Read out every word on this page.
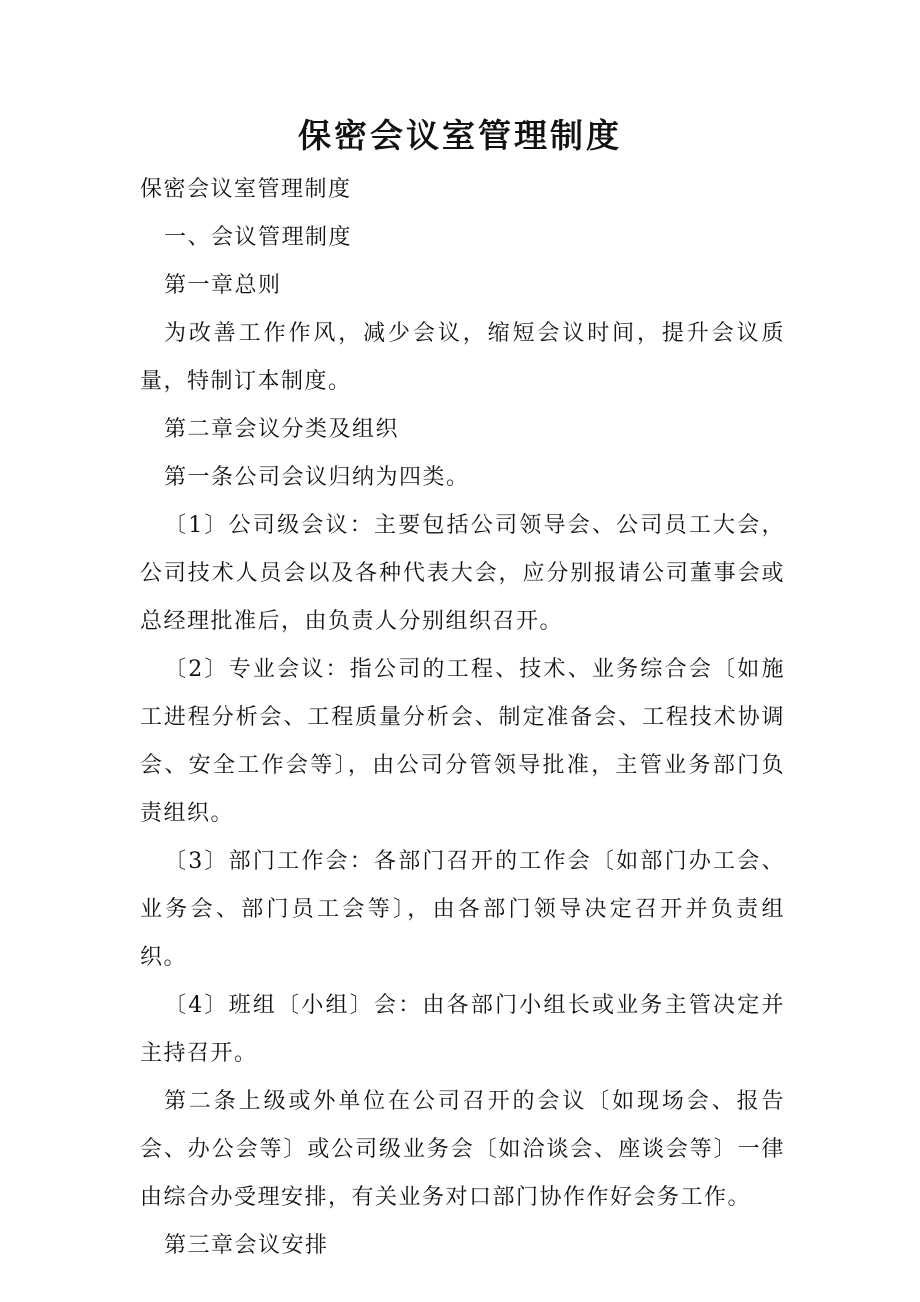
保密会议室管理制度

保密会议室管理制度

一、会议管理制度

第一章总则

为改善工作作风，减少会议，缩短会议时间，提升会议质量，特制订本制度。

第二章会议分类及组织

第一条公司会议归纳为四类。

〔1〕公司级会议：主要包括公司领导会、公司员工大会，公司技术人员会以及各种代表大会，应分别报请公司董事会或总经理批准后，由负责人分别组织召开。

〔2〕专业会议：指公司的工程、技术、业务综合会〔如施工进程分析会、工程质量分析会、制定准备会、工程技术协调会、安全工作会等〕，由公司分管领导批准，主管业务部门负责组织。

〔3〕部门工作会：各部门召开的工作会〔如部门办工会、业务会、部门员工会等〕，由各部门领导决定召开并负责组织。

〔4〕班组〔小组〕会：由各部门小组长或业务主管决定并主持召开。

第二条上级或外单位在公司召开的会议〔如现场会、报告会、办公会等〕或公司级业务会〔如洽谈会、座谈会等〕一律由综合办受理安排，有关业务对口部门协作作好会务工作。

第三章会议安排
